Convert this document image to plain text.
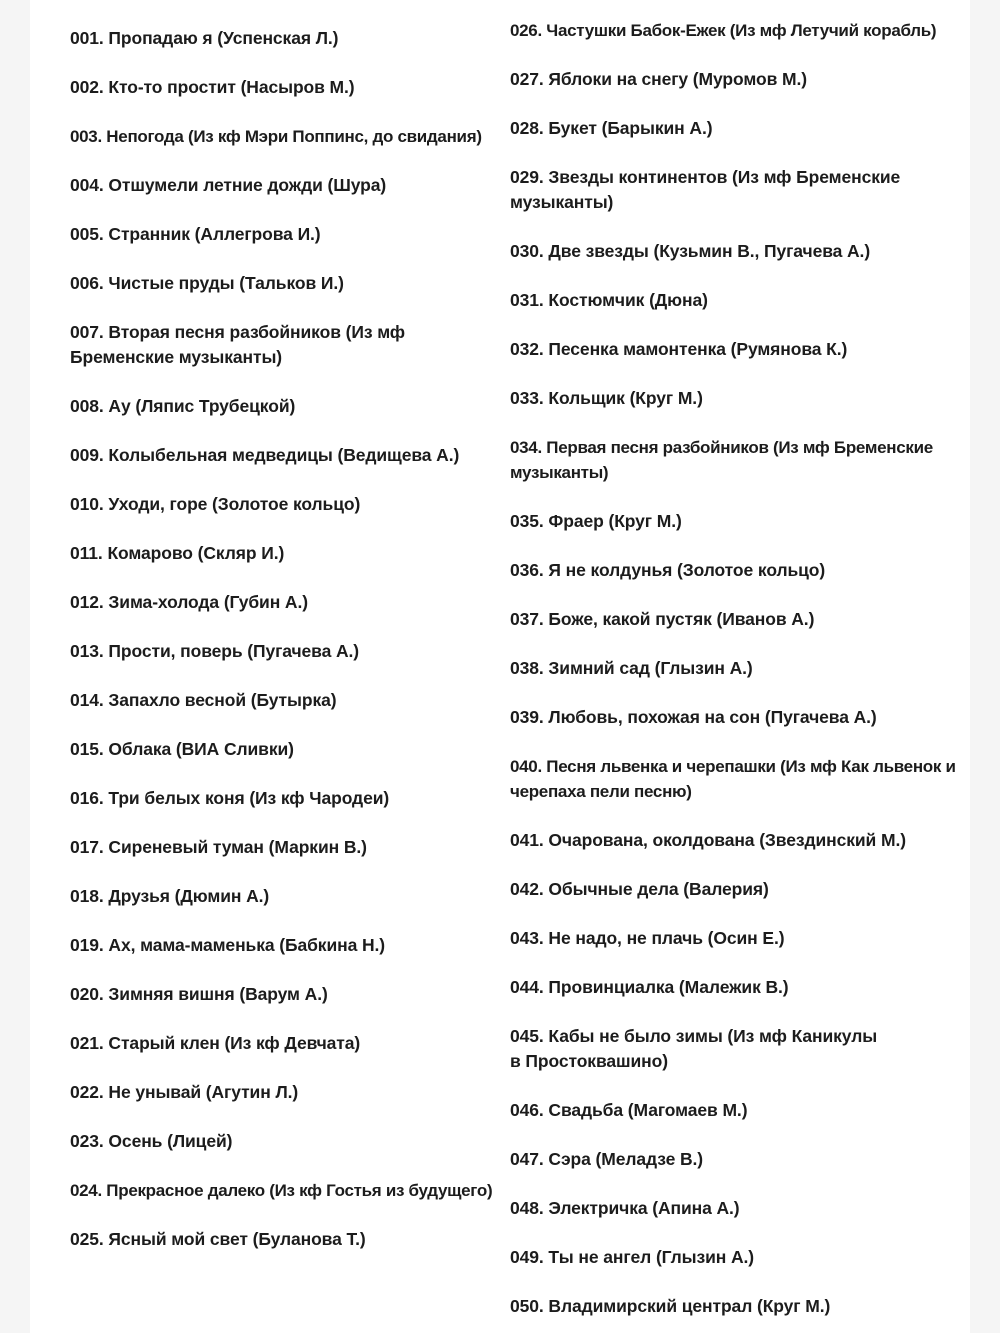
001. Пропадаю я (Успенская Л.)
002. Кто-то простит (Насыров М.)
003. Непогода (Из кф Мэри Поппинс, до свидания)
004. Отшумели летние дожди (Шура)
005. Странник (Аллегрова И.)
006. Чистые пруды (Тальков И.)
007. Вторая песня разбойников (Из мф Бременские музыканты)
008. Ау (Ляпис Трубецкой)
009. Колыбельная медведицы (Ведищева А.)
010. Уходи, горе (Золотое кольцо)
011. Комарово (Скляр И.)
012. Зима-холода (Губин А.)
013. Прости, поверь (Пугачева А.)
014. Запахло весной (Бутырка)
015. Облака (ВИА Сливки)
016. Три белых коня (Из кф Чародеи)
017. Сиреневый туман (Маркин В.)
018. Друзья (Дюмин А.)
019. Ах, мама-маменька (Бабкина Н.)
020. Зимняя вишня (Варум А.)
021. Старый клен (Из кф Девчата)
022. Не унывай (Агутин Л.)
023. Осень (Лицей)
024. Прекрасное далеко (Из кф Гостья из будущего)
025. Ясный мой свет (Буланова Т.)
026. Частушки Бабок-Ежек (Из мф Летучий корабль)
027. Яблоки на снегу (Муромов М.)
028. Букет (Барыкин А.)
029. Звезды континентов (Из мф Бременские музыканты)
030. Две звезды (Кузьмин В., Пугачева А.)
031. Костюмчик (Дюна)
032. Песенка мамонтенка (Румянова К.)
033. Кольщик (Круг М.)
034. Первая песня разбойников (Из мф Бременские музыканты)
035. Фраер (Круг М.)
036. Я не колдунья (Золотое кольцо)
037. Боже, какой пустяк (Иванов А.)
038. Зимний сад (Глызин А.)
039. Любовь, похожая на сон (Пугачева А.)
040. Песня львенка и черепашки (Из мф Как львенок и черепаха пели песню)
041. Очарована, околдована (Звездинский М.)
042. Обычные дела (Валерия)
043. Не надо, не плачь (Осин Е.)
044. Провинциалка (Малежик В.)
045. Кабы не было зимы (Из мф Каникулы в Простоквашино)
046. Свадьба (Магомаев М.)
047. Сэра (Меладзе В.)
048. Электричка (Апина А.)
049. Ты не ангел (Глызин А.)
050. Владимирский централ (Круг М.)
